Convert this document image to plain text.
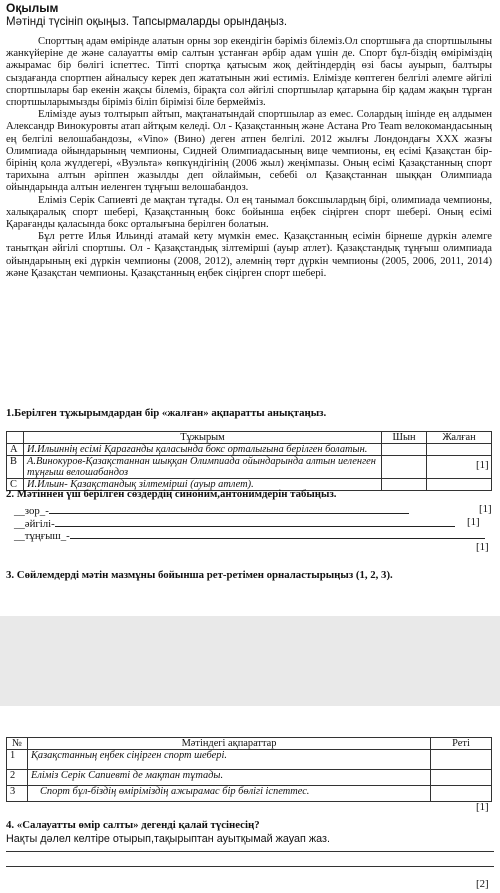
Оқылым
Мәтінді түсініп оқыңыз. Тапсырмаларды орындаңыз.

Спорттың адам өмірінде алатын орны зор екендігін бәріміз білеміз.Ол спортшыға да спортшылыны жанкүйеріне де және салауатты өмір салтын ұстанған әрбір адам үшін де. Спорт бұл-біздің өміріміздің ажырамас бір бөлігі іспеттес. Тіпті спортқа қатысым жоқ дейтіндердің өзі басы ауырып, балтыры сыздағанда спортпен айналысу керек деп жататынын жиі естиміз. Елімізде көптеген белгілі әлемге әйгілі спортшылары бар екенін жақсы білеміз, бірақта сол әйгілі спортшылар қатарына бір қадам жақын тұрған спортшыларымызды біріміз біліп бірімізі біле бермейміз.

Елімізде ауыз толтырып айтып, мақтанатындай спортшылар аз емес. Солардың ішінде ең алдымен Александр Винокуровты атап айтқым келеді. Ол - Қазақстанның және Астана Pro Team велокомандасының ең белгілі велошабандозы, «Vino» (Вино) деген атпен белгілі. 2012 жылғы Лондондағы ХХХ жазғы Олимпиада ойындарының чемпионы, Сидней Олимпиадасының вице чемпионы, ең есімі Қазақстан бір-бірінің қола жүлдегері, «Вуэльта» көпкүндігінің (2006 жыл) жеңімпазы. Оның есімі Қазақстанның спорт тарихына алтын әріппен жазылды деп ойлаймын, себебі ол Қазақстаннан шыққан Олимпиада ойындарында алтын иеленген тұңғыш велошабандоз.

Еліміз Серік Сапиевті де мақтан тұтады. Ол ең танымал боксшылардың бірі, олимпиада чемпионы, халықаралық спорт шебері, Қазақстанның бокс бойынша еңбек сіңірген спорт шебері. Оның есімі Қарағанды қаласында бокс орталығына берілген болатын.

Бұл ретте Илья Ильинді атамай кету мүмкін емес. Қазақстанның есімін бірнеше дүркін әлемге танытқан әйгілі спортшы. Ол - Қазақстандық зілтемірші (ауыр атлет). Қазақстандық тұңғыш олимпиада ойындарының екі дүркін чемпионы (2008, 2012), әлемнің төрт дүркін чемпионы (2005, 2006, 2011, 2014) және Қазақстан чемпионы. Қазақстанның еңбек сіңірген спорт шебері.

1.Берілген тұжырымдардан бір «жалған» ақпаратты анықтаңыз.
	Тұжырым	Шын	Жалған
A	И.Ильиннің есімі Қарағанды қаласында бокс орталығына берілген болатын.		
B	А.Винокуров-Қазақстаннан шыққан Олимпиада ойындарында алтын иеленген тұңғыш велошабандоз		
C	И.Ильин- Қазақстандық зілтемірші (ауыр атлет).		
[1]
2. Мәтіннен үш берілген сөздердің синоним,антонимдерін табыңыз.
__зор_-	[1]
__әйгілі-	[1]
__тұңғыш_-
[1]
3. Сөйлемдерді мәтін мазмұны бойынша рет-ретімен орналастырыңыз (1, 2, 3).
№	Мәтіндегі ақпараттар	Реті
1	Қазақстанның еңбек сіңірген спорт шебері.	
2	Еліміз Серік Сапиевті де мақтан тұтады.	
3	Спорт бұл-біздің өміріміздің ажырамас бір бөлігі іспеттес.	
[1]
4. «Салауатты өмір салты» дегенді қалай түсінесің?
Нақты дәлел келтіре отырып,тақырыптан ауытқымай жауап жаз.
[2]
